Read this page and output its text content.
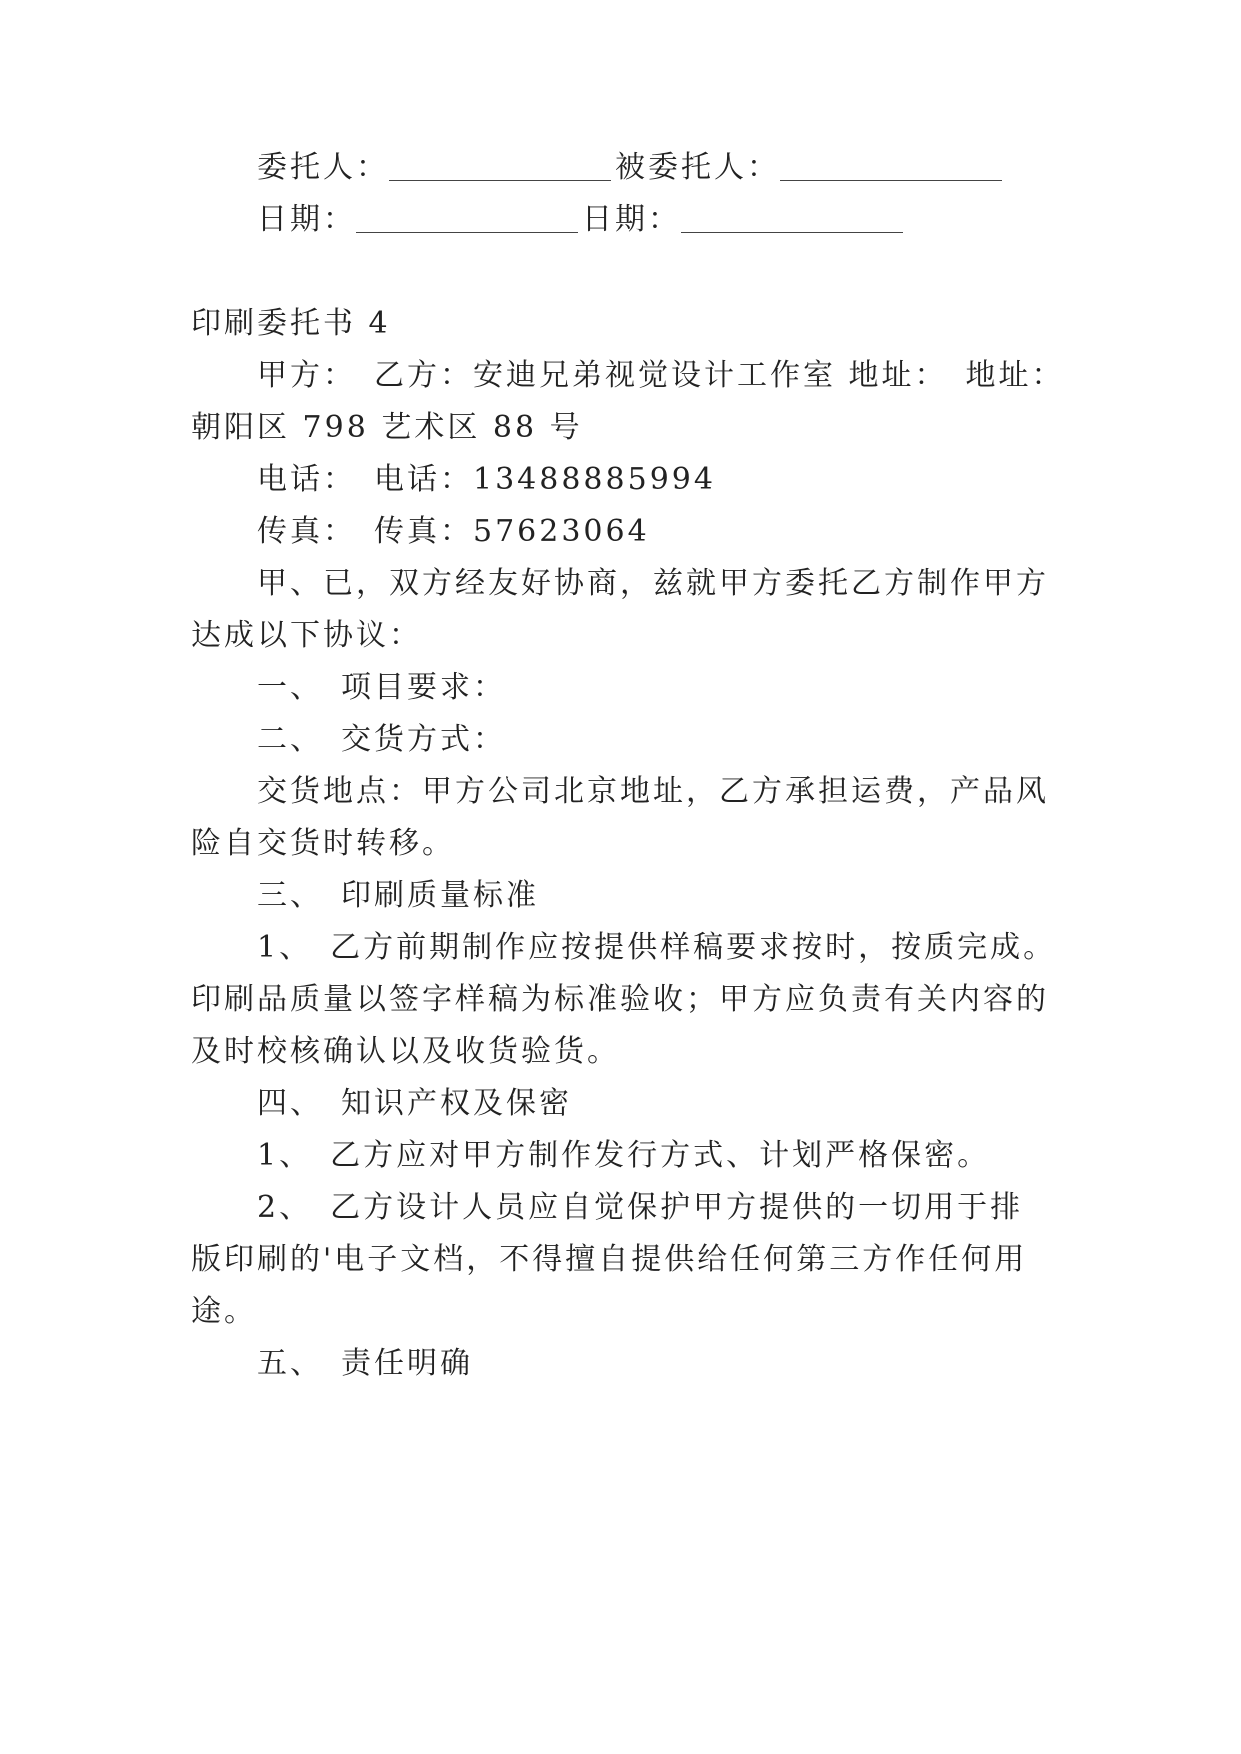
委托人：	被委托人：
日期：	日期：
印刷委托书 4
甲方：　乙方：安迪兄弟视觉设计工作室 地址：　地址：
朝阳区 798 艺术区 88 号
电话：　电话：13488885994
传真：　传真：57623064
甲、已，双方经友好协商，兹就甲方委托乙方制作甲方
达成以下协议：
一、　项目要求：
二、　交货方式：
交货地点：甲方公司北京地址，乙方承担运费，产品风
险自交货时转移。
三、　印刷质量标准
1、　乙方前期制作应按提供样稿要求按时，按质完成。
印刷品质量以签字样稿为标准验收；甲方应负责有关内容的
及时校核确认以及收货验货。
四、　知识产权及保密
1、　乙方应对甲方制作发行方式、计划严格保密。
2、　乙方设计人员应自觉保护甲方提供的一切用于排
版印刷的'电子文档，不得擅自提供给任何第三方作任何用
途。
五、　责任明确
